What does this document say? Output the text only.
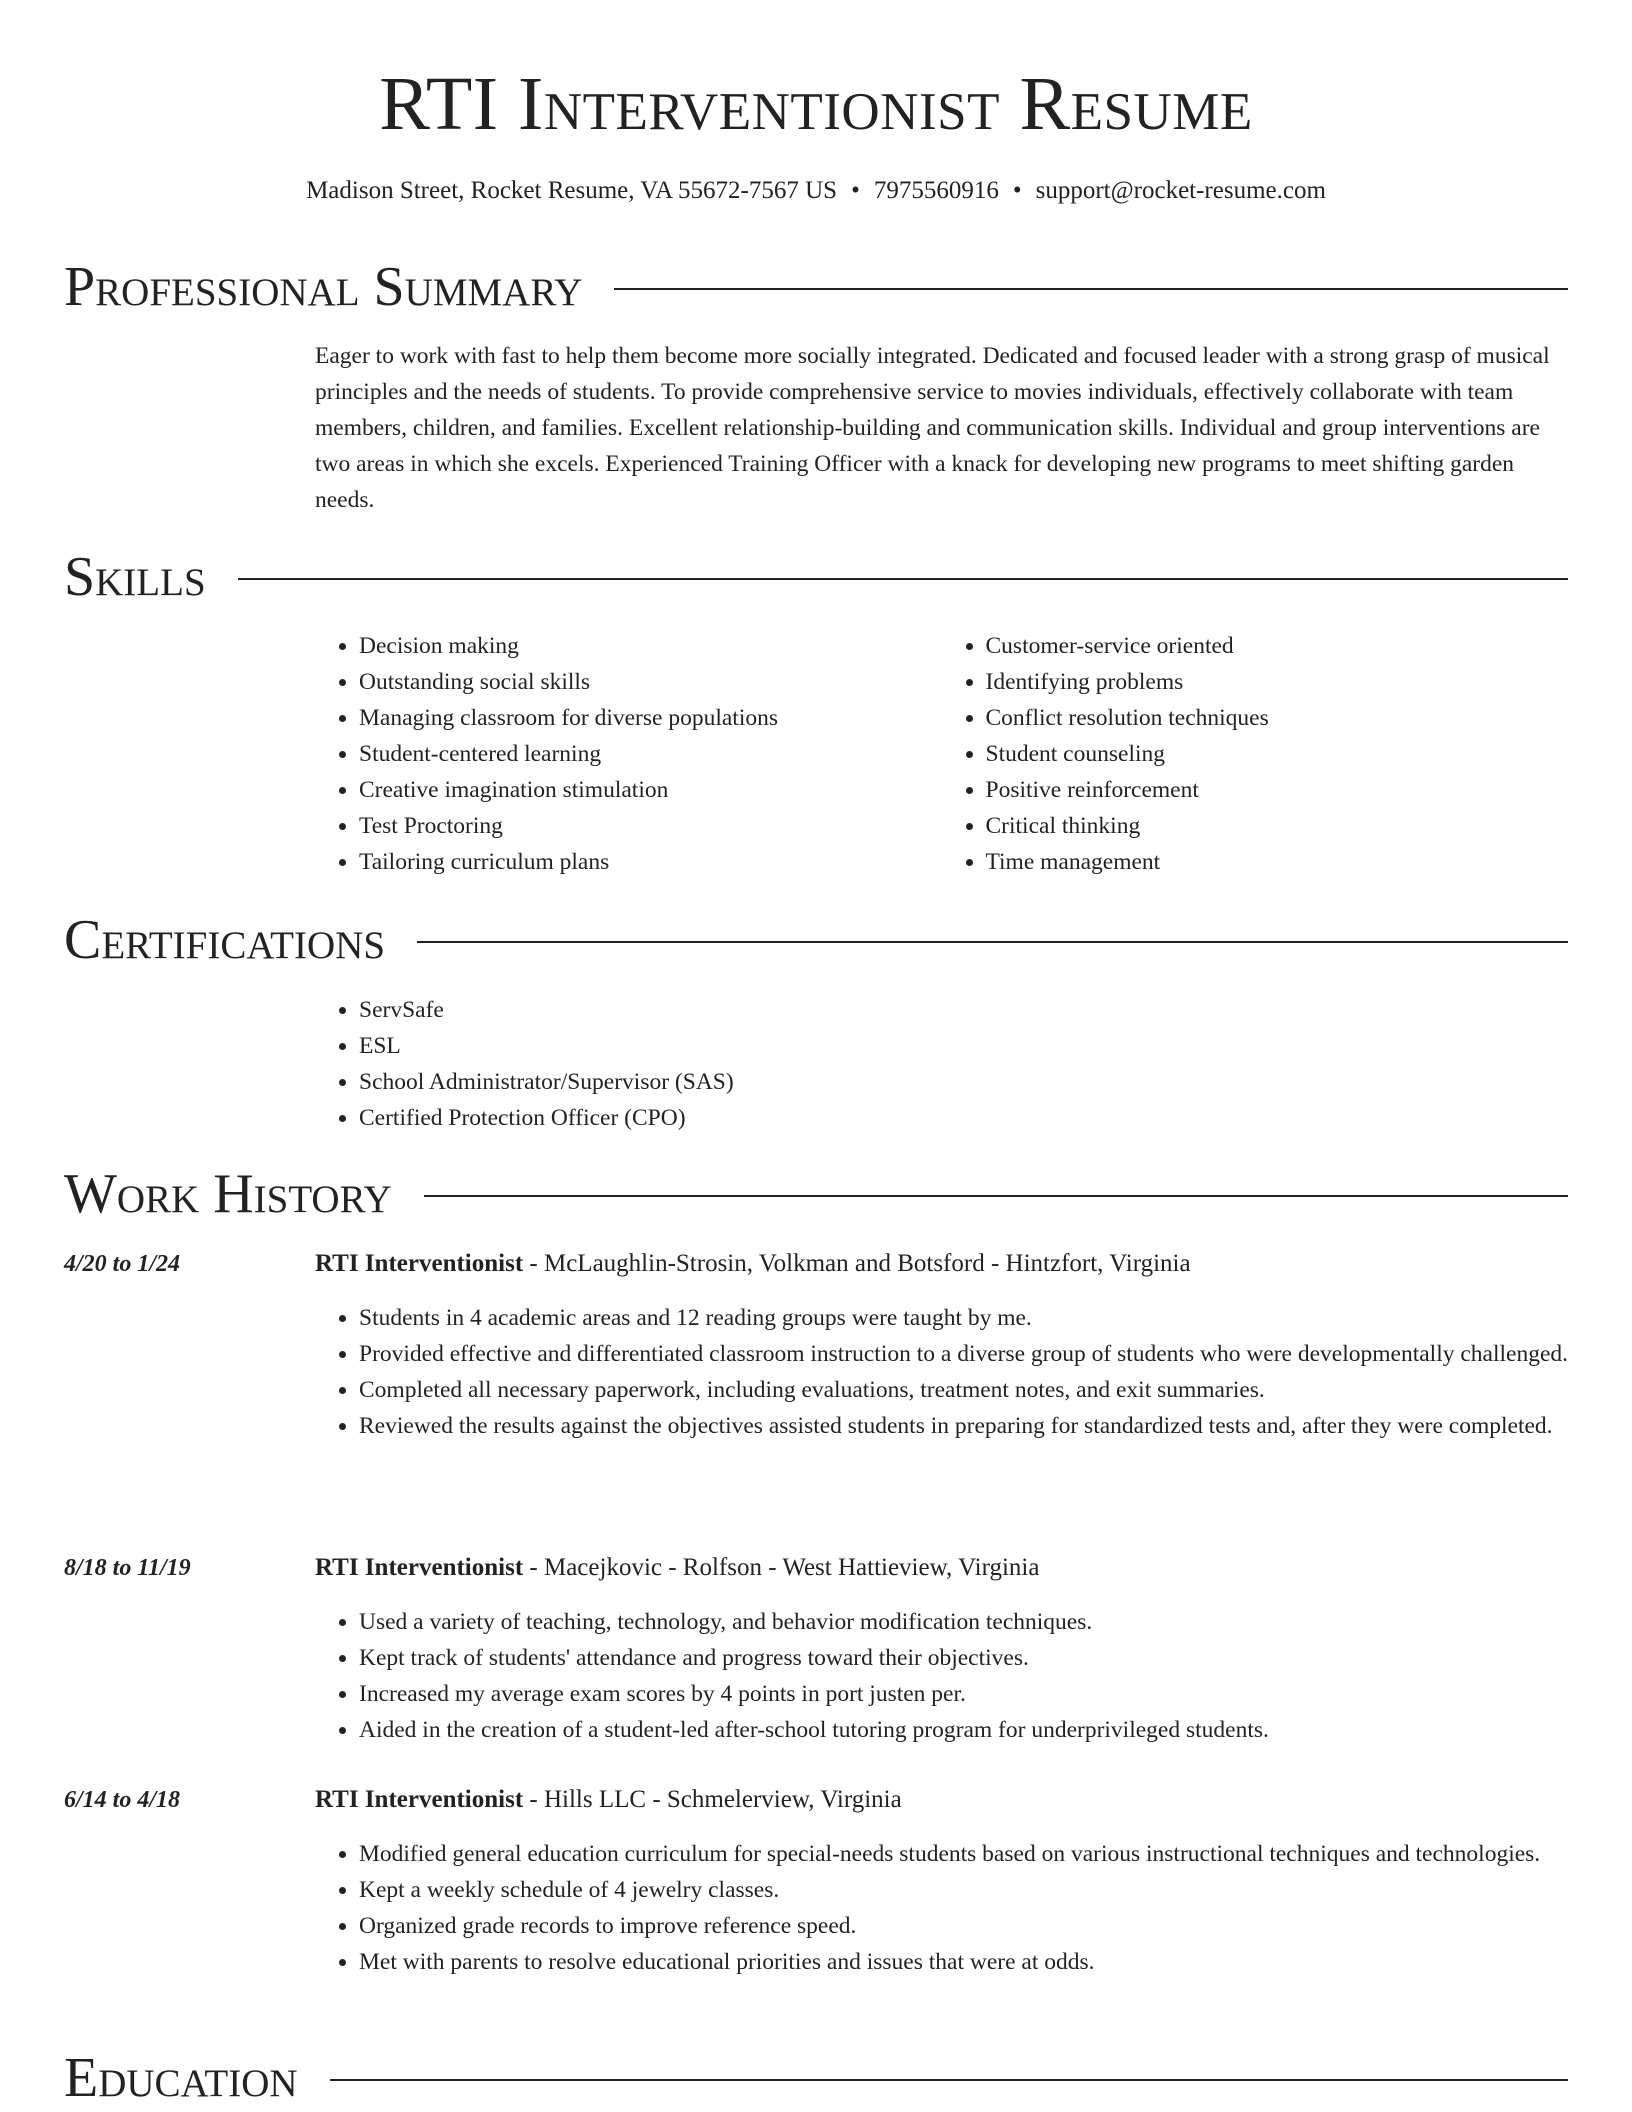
RTI Interventionist Resume
Madison Street, Rocket Resume, VA 55672-7567 US • 7975560916 • support@rocket-resume.com
Professional Summary

Eager to work with fast to help them become more socially integrated. Dedicated and focused leader with a strong grasp of musical principles and the needs of students. To provide comprehensive service to movies individuals, effectively collaborate with team members, children, and families. Excellent relationship-building and communication skills. Individual and group interventions are two areas in which she excels. Experienced Training Officer with a knack for developing new programs to meet shifting garden needs.

Skills
• Decision making
• Outstanding social skills
• Managing classroom for diverse populations
• Student-centered learning
• Creative imagination stimulation
• Test Proctoring
• Tailoring curriculum plans
• Customer-service oriented
• Identifying problems
• Conflict resolution techniques
• Student counseling
• Positive reinforcement
• Critical thinking
• Time management
Certifications
• ServSafe
• ESL
• School Administrator/Supervisor (SAS)
• Certified Protection Officer (CPO)
Work History
4/20 to 1/24	RTI Interventionist - McLaughlin-Strosin, Volkman and Botsford - Hintzfort, Virginia
• Students in 4 academic areas and 12 reading groups were taught by me.
• Provided effective and differentiated classroom instruction to a diverse group of students who were developmentally challenged.
• Completed all necessary paperwork, including evaluations, treatment notes, and exit summaries.
• Reviewed the results against the objectives assisted students in preparing for standardized tests and, after they were completed.
8/18 to 11/19	RTI Interventionist - Macejkovic - Rolfson - West Hattieview, Virginia
• Used a variety of teaching, technology, and behavior modification techniques.
• Kept track of students' attendance and progress toward their objectives.
• Increased my average exam scores by 4 points in port justen per.
• Aided in the creation of a student-led after-school tutoring program for underprivileged students.
6/14 to 4/18	RTI Interventionist - Hills LLC - Schmelerview, Virginia
• Modified general education curriculum for special-needs students based on various instructional techniques and technologies.
• Kept a weekly schedule of 4 jewelry classes.
• Organized grade records to improve reference speed.
• Met with parents to resolve educational priorities and issues that were at odds.
Education
